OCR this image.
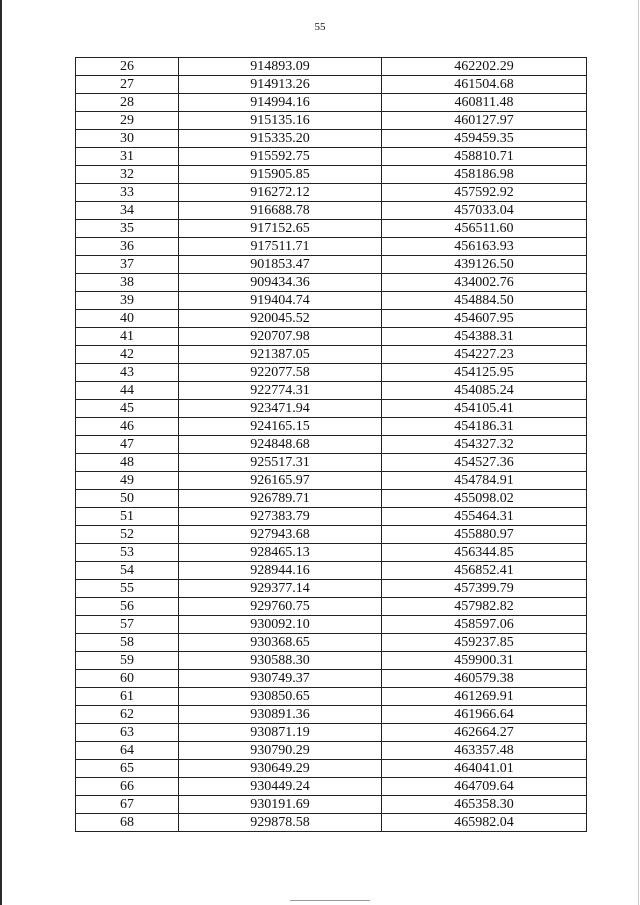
55
26	914893.09	462202.29
27	914913.26	461504.68
28	914994.16	460811.48
29	915135.16	460127.97
30	915335.20	459459.35
31	915592.75	458810.71
32	915905.85	458186.98
33	916272.12	457592.92
34	916688.78	457033.04
35	917152.65	456511.60
36	917511.71	456163.93
37	901853.47	439126.50
38	909434.36	434002.76
39	919404.74	454884.50
40	920045.52	454607.95
41	920707.98	454388.31
42	921387.05	454227.23
43	922077.58	454125.95
44	922774.31	454085.24
45	923471.94	454105.41
46	924165.15	454186.31
47	924848.68	454327.32
48	925517.31	454527.36
49	926165.97	454784.91
50	926789.71	455098.02
51	927383.79	455464.31
52	927943.68	455880.97
53	928465.13	456344.85
54	928944.16	456852.41
55	929377.14	457399.79
56	929760.75	457982.82
57	930092.10	458597.06
58	930368.65	459237.85
59	930588.30	459900.31
60	930749.37	460579.38
61	930850.65	461269.91
62	930891.36	461966.64
63	930871.19	462664.27
64	930790.29	463357.48
65	930649.29	464041.01
66	930449.24	464709.64
67	930191.69	465358.30
68	929878.58	465982.04
